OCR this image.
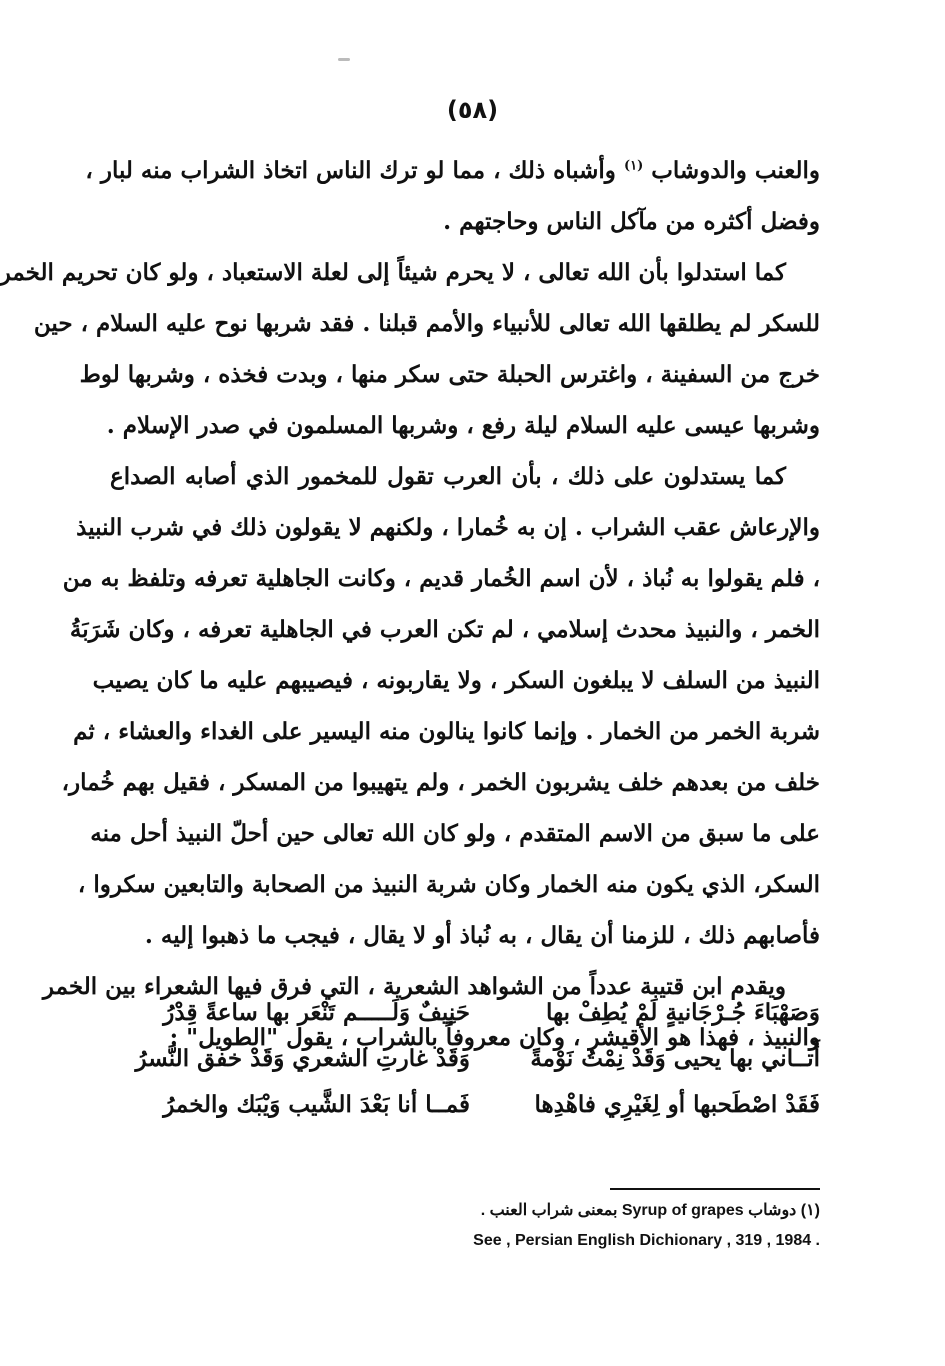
(٥٨)
والعنب والدوشاب $^{(١)}$ وأشباه ذلك ، مما لو ترك الناس اتخاذ الشراب منه لبار ،
وفضل أكثره من مآكل الناس وحاجتهم .
كما استدلوا بأن الله تعالى ، لا يحرم شيئاً إلى لعلة الاستعباد ، ولو كان تحريم الخمر
للسكر لم يطلقها الله تعالى للأنبياء والأمم قبلنا . فقد شربها نوح عليه السلام ، حين
خرج من السفينة ، واغترس الحبلة حتى سكر منها ، وبدت فخذه ، وشربها لوط
وشربها عيسى عليه السلام ليلة رفع ، وشربها المسلمون في صدر الإسلام .
كما يستدلون على ذلك ، بأن العرب تقول للمخمور الذي أصابه الصداع
والإرعاش عقب الشراب . إن به خُمارا ، ولكنهم لا يقولون ذلك في شرب النبيذ
، فلم يقولوا به نُباذ ، لأن اسم الخُمار قديم ، وكانت الجاهلية تعرفه وتلفظ به من
الخمر ، والنبيذ محدث إسلامي ، لم تكن العرب في الجاهلية تعرفه ، وكان شَرَبَةُ
النبيذ من السلف لا يبلغون السكر ، ولا يقاربونه ، فيصيبهم عليه ما كان يصيب
شربة الخمر من الخمار . وإنما كانوا ينالون منه اليسير على الغداء والعشاء ، ثم
خلف من بعدهم خلف يشربون الخمر ، ولم يتهيبوا من المسكر ، فقيل بهم خُمار،
على ما سبق من الاسم المتقدم ، ولو كان الله تعالى حين أحلّ النبيذ أحل منه
السكر، الذي يكون منه الخمار وكان شربة النبيذ من الصحابة والتابعين سكروا ،
فأصابهم ذلك ، للزمنا أن يقال ، به نُباذ أو لا يقال ، فيجب ما ذهبوا إليه .
ويقدم ابن قتيبة عدداً من الشواهد الشعرية ، التي فرق فيها الشعراء بين الخمر
والنبيذ ، فهذا هو الأقيشر ، وكان معروفاً بالشراب ، يقول "الطويل" :
وَصَهْبَاءَ جُـرْجَانيةٍ لَمْ يُطِفْ بها
حَنِيفٌ وَلَـــــم تَنْعَر بها ساعةً قِدْرُ
أَتــاني بها يحيى وَقَدْ نِمْتُ نَوْمةً
وَقَدْ غارتِ الشعري وَقَدْ خفق النَّسرُ
فَقَدْ اصْطَحبها أو لِغَيْرِي فاهْدِها
فَمــا أنا بَعْدَ الشَّيب وَيْبَك والخمرُ
(١) دوشاب Syrup of grapes بمعنى شراب العنب .
See , Persian English Dichionary , 319 , 1984 .
